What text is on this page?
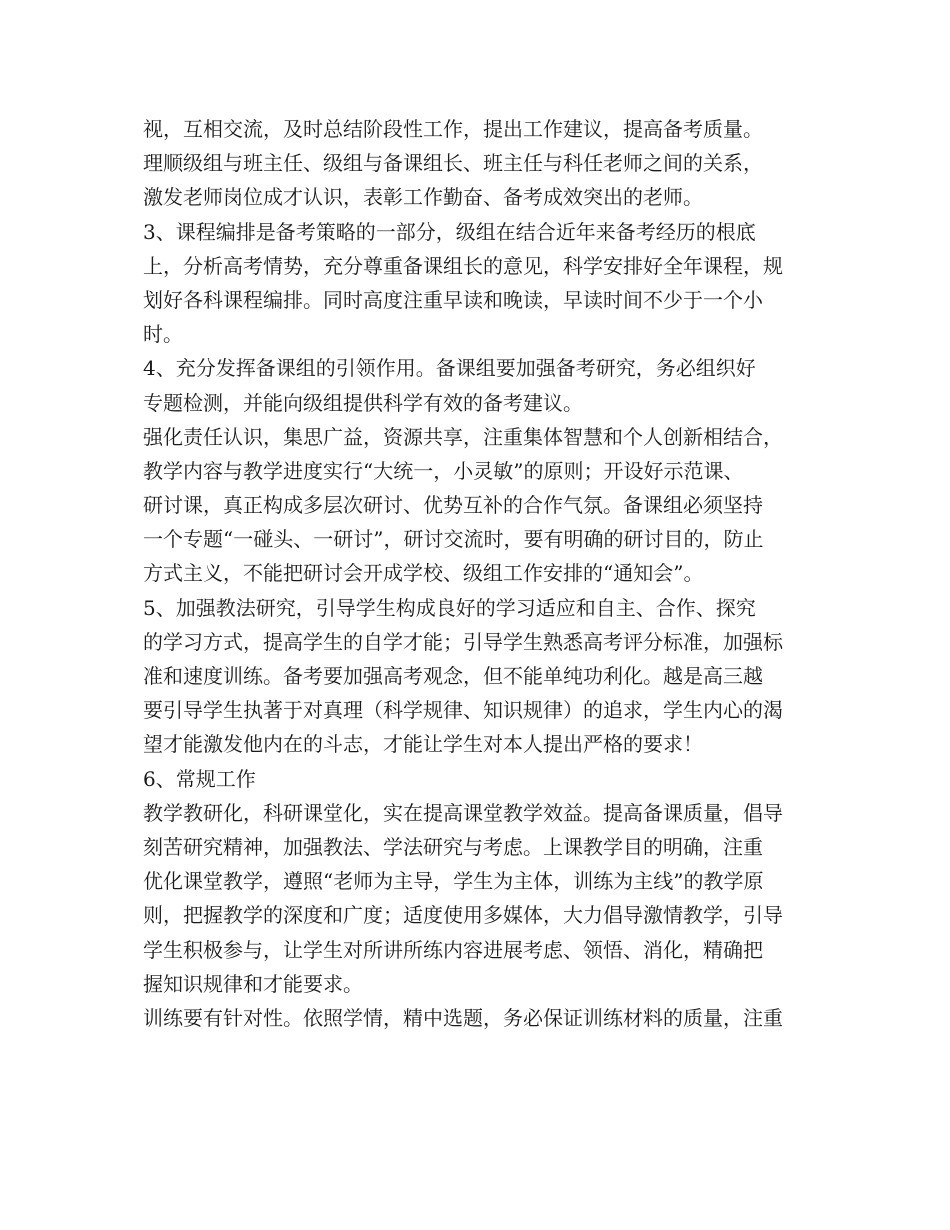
视，互相交流，及时总结阶段性工作，提出工作建议，提高备考质量。
理顺级组与班主任、级组与备课组长、班主任与科任老师之间的关系，
激发老师岗位成才认识，表彰工作勤奋、备考成效突出的老师。
3、课程编排是备考策略的一部分，级组在结合近年来备考经历的根底
上，分析高考情势，充分尊重备课组长的意见，科学安排好全年课程，规
划好各科课程编排。同时高度注重早读和晚读，早读时间不少于一个小
时。
4、充分发挥备课组的引领作用。备课组要加强备考研究，务必组织好
专题检测，并能向级组提供科学有效的备考建议。
强化责任认识，集思广益，资源共享，注重集体智慧和个人创新相结合，
教学内容与教学进度实行“大统一，小灵敏”的原则；开设好示范课、
研讨课，真正构成多层次研讨、优势互补的合作气氛。备课组必须坚持
一个专题“一碰头、一研讨”，研讨交流时，要有明确的研讨目的，防止
方式主义，不能把研讨会开成学校、级组工作安排的“通知会”。
5、加强教法研究，引导学生构成良好的学习适应和自主、合作、探究
的学习方式，提高学生的自学才能；引导学生熟悉高考评分标准，加强标
准和速度训练。备考要加强高考观念，但不能单纯功利化。越是高三越
要引导学生执著于对真理（科学规律、知识规律）的追求，学生内心的渴
望才能激发他内在的斗志，才能让学生对本人提出严格的要求！
6、常规工作
教学教研化，科研课堂化，实在提高课堂教学效益。提高备课质量，倡导
刻苦研究精神，加强教法、学法研究与考虑。上课教学目的明确，注重
优化课堂教学，遵照“老师为主导，学生为主体，训练为主线”的教学原
则，把握教学的深度和广度；适度使用多媒体，大力倡导激情教学，引导
学生积极参与，让学生对所讲所练内容进展考虑、领悟、消化，精确把
握知识规律和才能要求。
训练要有针对性。依照学情，精中选题，务必保证训练材料的质量，注重
